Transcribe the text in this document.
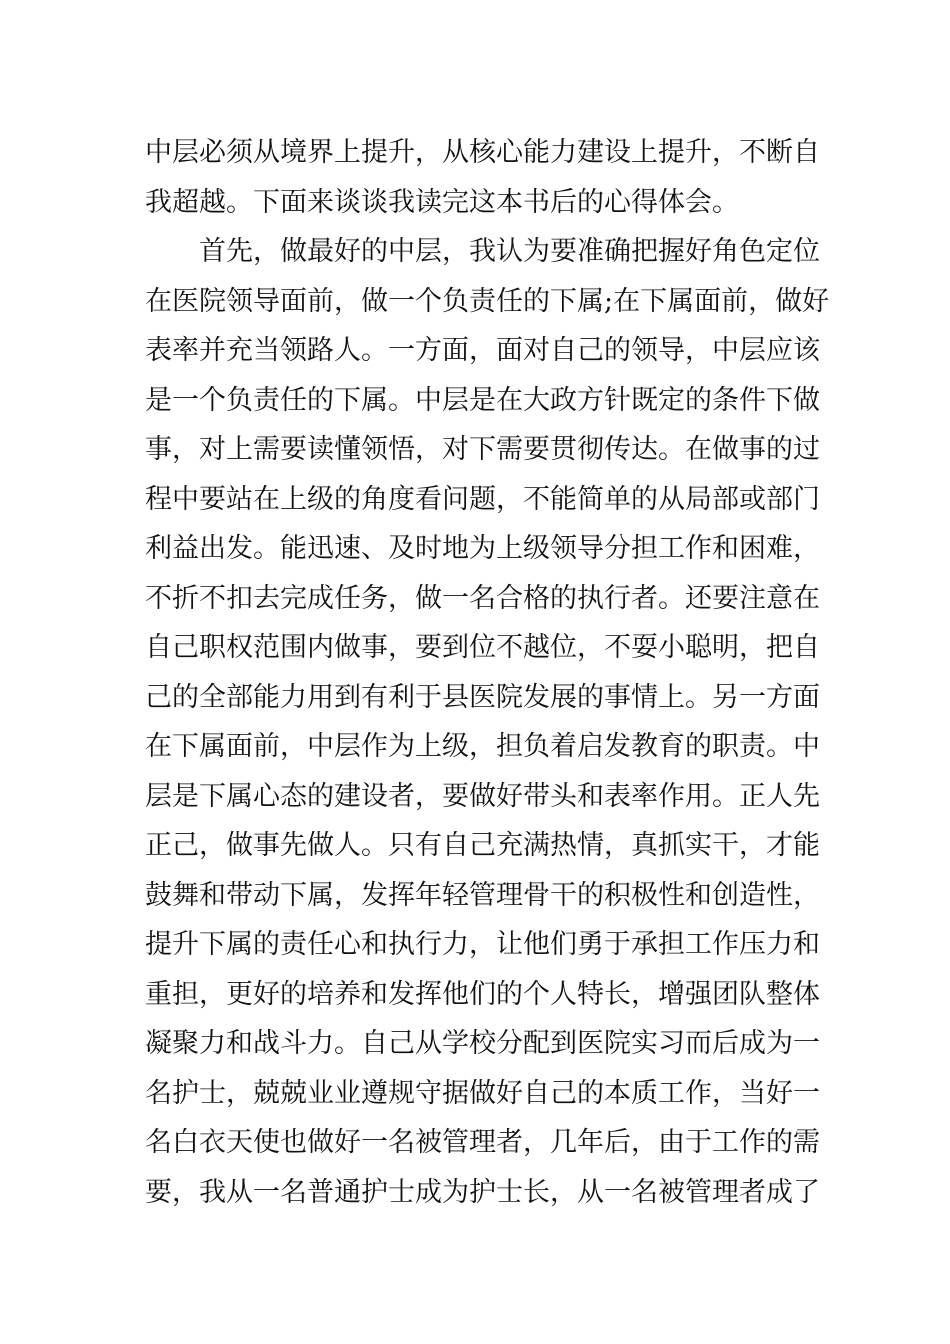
中层必须从境界上提升，从核心能力建设上提升，不断自
我超越。下面来谈谈我读完这本书后的心得体会。
首先，做最好的中层，我认为要准确把握好角色定位
在医院领导面前，做一个负责任的下属;在下属面前，做好
表率并充当领路人。一方面，面对自己的领导，中层应该
是一个负责任的下属。中层是在大政方针既定的条件下做
事，对上需要读懂领悟，对下需要贯彻传达。在做事的过
程中要站在上级的角度看问题，不能简单的从局部或部门
利益出发。能迅速、及时地为上级领导分担工作和困难，
不折不扣去完成任务，做一名合格的执行者。还要注意在
自己职权范围内做事，要到位不越位，不耍小聪明，把自
己的全部能力用到有利于县医院发展的事情上。另一方面
在下属面前，中层作为上级，担负着启发教育的职责。中
层是下属心态的建设者，要做好带头和表率作用。正人先
正己，做事先做人。只有自己充满热情，真抓实干，才能
鼓舞和带动下属，发挥年轻管理骨干的积极性和创造性，
提升下属的责任心和执行力，让他们勇于承担工作压力和
重担，更好的培养和发挥他们的个人特长，增强团队整体
凝聚力和战斗力。自己从学校分配到医院实习而后成为一
名护士，兢兢业业遵规守据做好自己的本质工作，当好一
名白衣天使也做好一名被管理者，几年后，由于工作的需
要，我从一名普通护士成为护士长，从一名被管理者成了
